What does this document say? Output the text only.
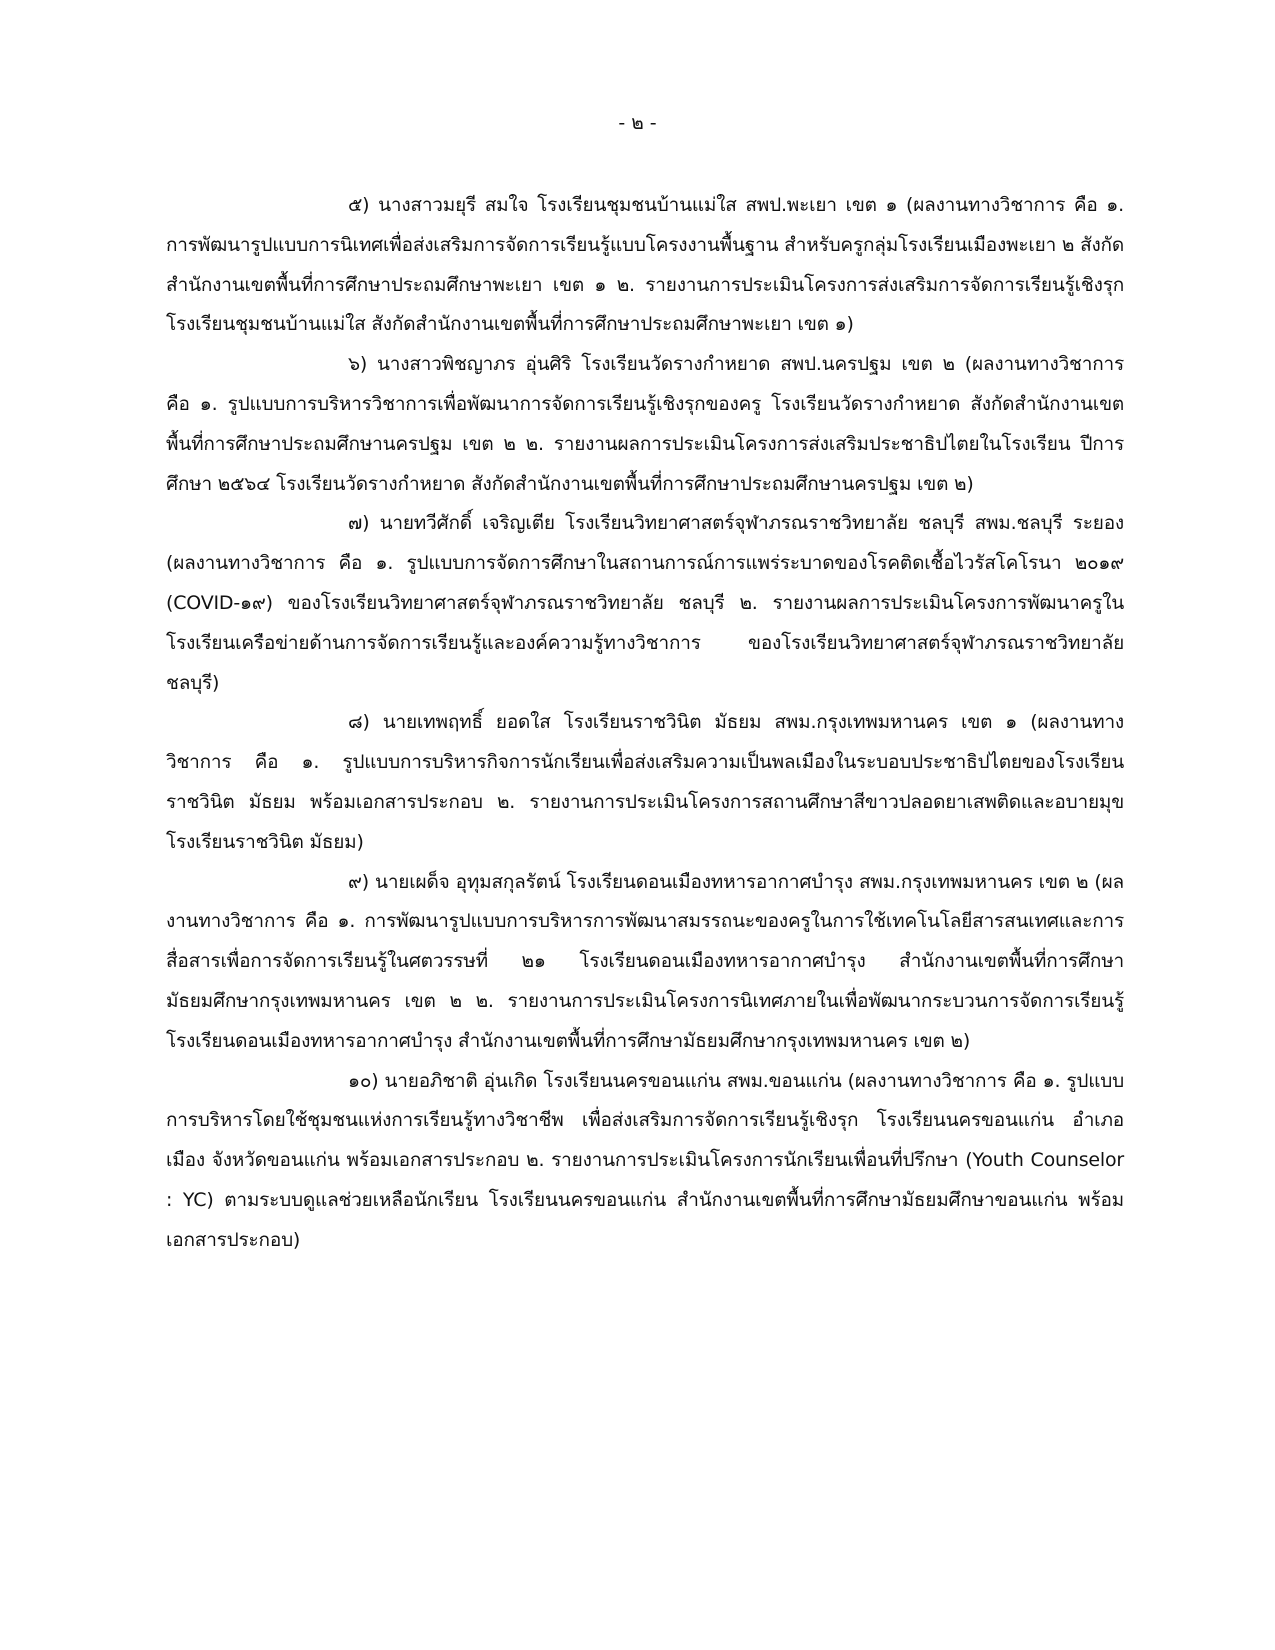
- ๒ -

๕) นางสาวมยุรี สมใจ โรงเรียนชุมชนบ้านแม่ใส สพป.พะเยา เขต ๑ (ผลงานทางวิชาการ คือ ๑. การพัฒนารูปแบบการนิเทศเพื่อส่งเสริมการจัดการเรียนรู้แบบโครงงานพื้นฐาน สำหรับครูกลุ่มโรงเรียนเมืองพะเยา ๒ สังกัดสำนักงานเขตพื้นที่การศึกษาประถมศึกษาพะเยา เขต ๑ ๒. รายงานการประเมินโครงการส่งเสริมการจัดการเรียนรู้เชิงรุก โรงเรียนชุมชนบ้านแม่ใส สังกัดสำนักงานเขตพื้นที่การศึกษาประถมศึกษาพะเยา เขต ๑)

๖) นางสาวพิชญาภร อุ่นศิริ โรงเรียนวัดรางกำหยาด สพป.นครปฐม เขต ๒ (ผลงานทางวิชาการ คือ ๑. รูปแบบการบริหารวิชาการเพื่อพัฒนาการจัดการเรียนรู้เชิงรุกของครู โรงเรียนวัดรางกำหยาด สังกัดสำนักงานเขตพื้นที่การศึกษาประถมศึกษานครปฐม เขต ๒ ๒. รายงานผลการประเมินโครงการส่งเสริมประชาธิปไตยในโรงเรียน ปีการศึกษา ๒๕๖๔ โรงเรียนวัดรางกำหยาด สังกัดสำนักงานเขตพื้นที่การศึกษาประถมศึกษานครปฐม เขต ๒)

๗) นายทวีศักดิ์ เจริญเตีย โรงเรียนวิทยาศาสตร์จุฬาภรณราชวิทยาลัย ชลบุรี สพม.ชลบุรี ระยอง (ผลงานทางวิชาการ คือ ๑. รูปแบบการจัดการศึกษาในสถานการณ์การแพร่ระบาดของโรคติดเชื้อไวรัสโคโรนา ๒๐๑๙ (COVID-๑๙) ของโรงเรียนวิทยาศาสตร์จุฬาภรณราชวิทยาลัย ชลบุรี ๒. รายงานผลการประเมินโครงการพัฒนาครูในโรงเรียนเครือข่ายด้านการจัดการเรียนรู้และองค์ความรู้ทางวิชาการ ของโรงเรียนวิทยาศาสตร์จุฬาภรณราชวิทยาลัย ชลบุรี)

๘) นายเทพฤทธิ์ ยอดใส โรงเรียนราชวินิต มัธยม สพม.กรุงเทพมหานคร เขต ๑ (ผลงานทางวิชาการ คือ ๑. รูปแบบการบริหารกิจการนักเรียนเพื่อส่งเสริมความเป็นพลเมืองในระบอบประชาธิปไตยของโรงเรียนราชวินิต มัธยม พร้อมเอกสารประกอบ ๒. รายงานการประเมินโครงการสถานศึกษาสีขาวปลอดยาเสพติดและอบายมุข โรงเรียนราชวินิต มัธยม)

๙) นายเผด็จ อุทุมสกุลรัตน์ โรงเรียนดอนเมืองทหารอากาศบำรุง สพม.กรุงเทพมหานคร เขต ๒ (ผลงานทางวิชาการ คือ ๑. การพัฒนารูปแบบการบริหารการพัฒนาสมรรถนะของครูในการใช้เทคโนโลยีสารสนเทศและการสื่อสารเพื่อการจัดการเรียนรู้ในศตวรรษที่ ๒๑ โรงเรียนดอนเมืองทหารอากาศบำรุง สำนักงานเขตพื้นที่การศึกษามัธยมศึกษากรุงเทพมหานคร เขต ๒ ๒. รายงานการประเมินโครงการนิเทศภายในเพื่อพัฒนากระบวนการจัดการเรียนรู้ โรงเรียนดอนเมืองทหารอากาศบำรุง สำนักงานเขตพื้นที่การศึกษามัธยมศึกษากรุงเทพมหานคร เขต ๒)

๑๐) นายอภิชาติ อุ่นเกิด โรงเรียนนครขอนแก่น สพม.ขอนแก่น (ผลงานทางวิชาการ คือ ๑. รูปแบบการบริหารโดยใช้ชุมชนแห่งการเรียนรู้ทางวิชาชีพ เพื่อส่งเสริมการจัดการเรียนรู้เชิงรุก โรงเรียนนครขอนแก่น อำเภอเมือง จังหวัดขอนแก่น พร้อมเอกสารประกอบ ๒. รายงานการประเมินโครงการนักเรียนเพื่อนที่ปรึกษา (Youth Counselor : YC) ตามระบบดูแลช่วยเหลือนักเรียน โรงเรียนนครขอนแก่น สำนักงานเขตพื้นที่การศึกษามัธยมศึกษาขอนแก่น พร้อมเอกสารประกอบ)
